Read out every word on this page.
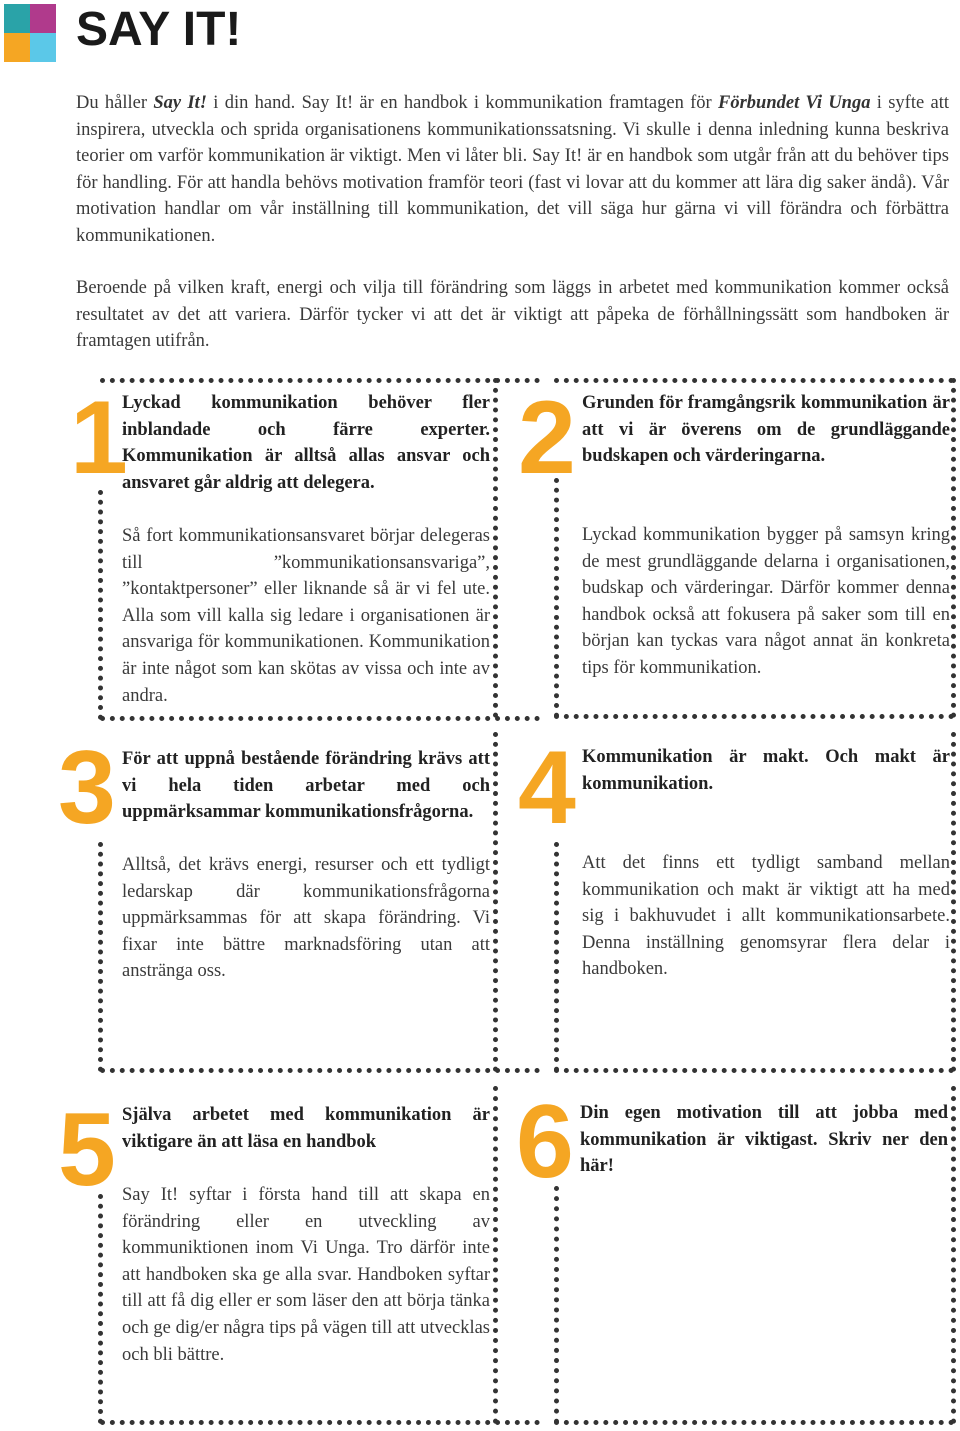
SAY IT!

Du håller Say It! i din hand. Say It! är en handbok i kommunikation framtagen för Förbundet Vi Unga i syfte att inspirera, utveckla och sprida organisationens kommunikationssatsning. Vi skulle i denna inledning kunna beskriva teorier om varför kommunikation är viktigt. Men vi låter bli. Say It! är en handbok som utgår från att du behöver tips för handling. För att handla behövs motivation framför teori (fast vi lovar att du kommer att lära dig saker ändå). Vår motivation handlar om vår inställning till kommunikation, det vill säga hur gärna vi vill förändra och förbättra kommunikationen.

Beroende på vilken kraft, energi och vilja till förändring som läggs in arbetet med kommunikation kommer också resultatet av det att variera. Därför tycker vi att det är viktigt att påpeka de förhållningssätt som handboken är framtagen utifrån.

1

Lyckad kommunikation behöver fler inblandade och färre experter. Kommunikation är alltså allas ansvar och ansvaret går aldrig att delegera.

Så fort kommunikationsansvaret börjar delegeras till ”kommunikationsansvariga”, ”kontaktpersoner” eller liknande så är vi fel ute. Alla som vill kalla sig ledare i organisationen är ansvariga för kommunikationen. Kommunikation är inte något som kan skötas av vissa och inte av andra.

2 Grunden för framgångsrik kommunikation är att vi är överens om de grundläggande budskapen och värderingarna.

Lyckad kommunikation bygger på samsyn kring de mest grundläggande delarna i organisationen, budskap och värderingar. Därför kommer denna handbok också att fokusera på saker som till en början kan tyckas vara något annat än konkreta tips för kommunikation.

3 För att uppnå bestående förändring krävs att vi hela tiden arbetar med och uppmärksammar kommunikationsfrågorna.

Alltså, det krävs energi, resurser och ett tydligt ledarskap där kommunikationsfrågorna uppmärksammas för att skapa förändring. Vi fixar inte bättre marknadsföring utan att anstränga oss.

4 Kommunikation är makt. Och makt är kommunikation.

Att det finns ett tydligt samband mellan kommunikation och makt är viktigt att ha med sig i bakhuvudet i allt kommunikationsarbete. Denna inställning genomsyrar flera delar i handboken.

5 Själva arbetet med kommunikation är viktigare än att läsa en handbok

Say It! syftar i första hand till att skapa en förändring eller en utveckling av kommuniktionen inom Vi Unga. Tro därför inte att handboken ska ge alla svar. Handboken syftar till att få dig eller er som läser den att börja tänka och ge dig/er några tips på vägen till att utvecklas och bli bättre.

6 Din egen motivation till att jobba med kommunikation är viktigast. Skriv ner den här!
